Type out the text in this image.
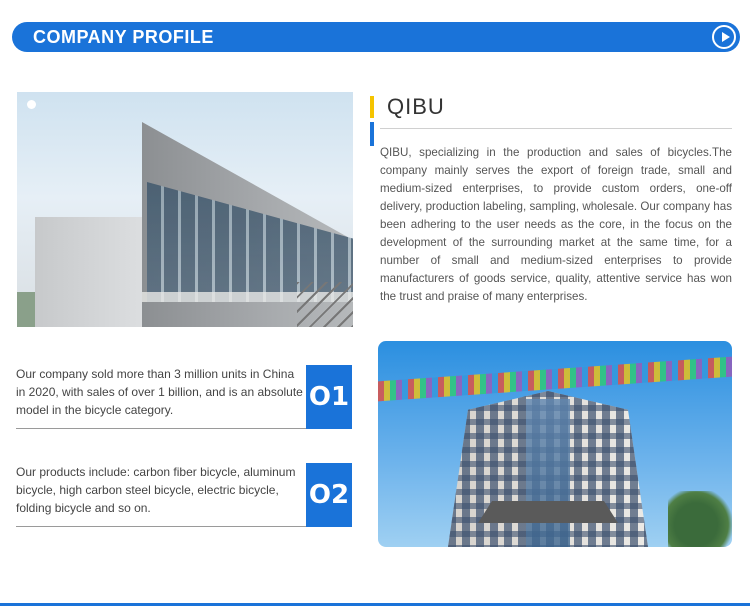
COMPANY PROFILE
QIBU

QIBU, specializing in the production and sales of bicycles.The company mainly serves the export of foreign trade, small and medium-sized enterprises, to provide custom orders, one-off delivery, production labeling, sampling, wholesale. Our company has been adhering to the user needs as the core, in the focus on the development of the surrounding market at the same time, for a number of small and medium-sized enterprises to provide manufacturers of goods service, quality, attentive service has won the trust and praise of many enterprises.

Our company sold more than 3 million units in China in 2020, with sales of over 1 billion, and is an absolute model in the bicycle category.	O1

Our products include: carbon fiber bicycle, aluminum bicycle, high carbon steel bicycle, electric bicycle, folding bicycle and so on.	O2
